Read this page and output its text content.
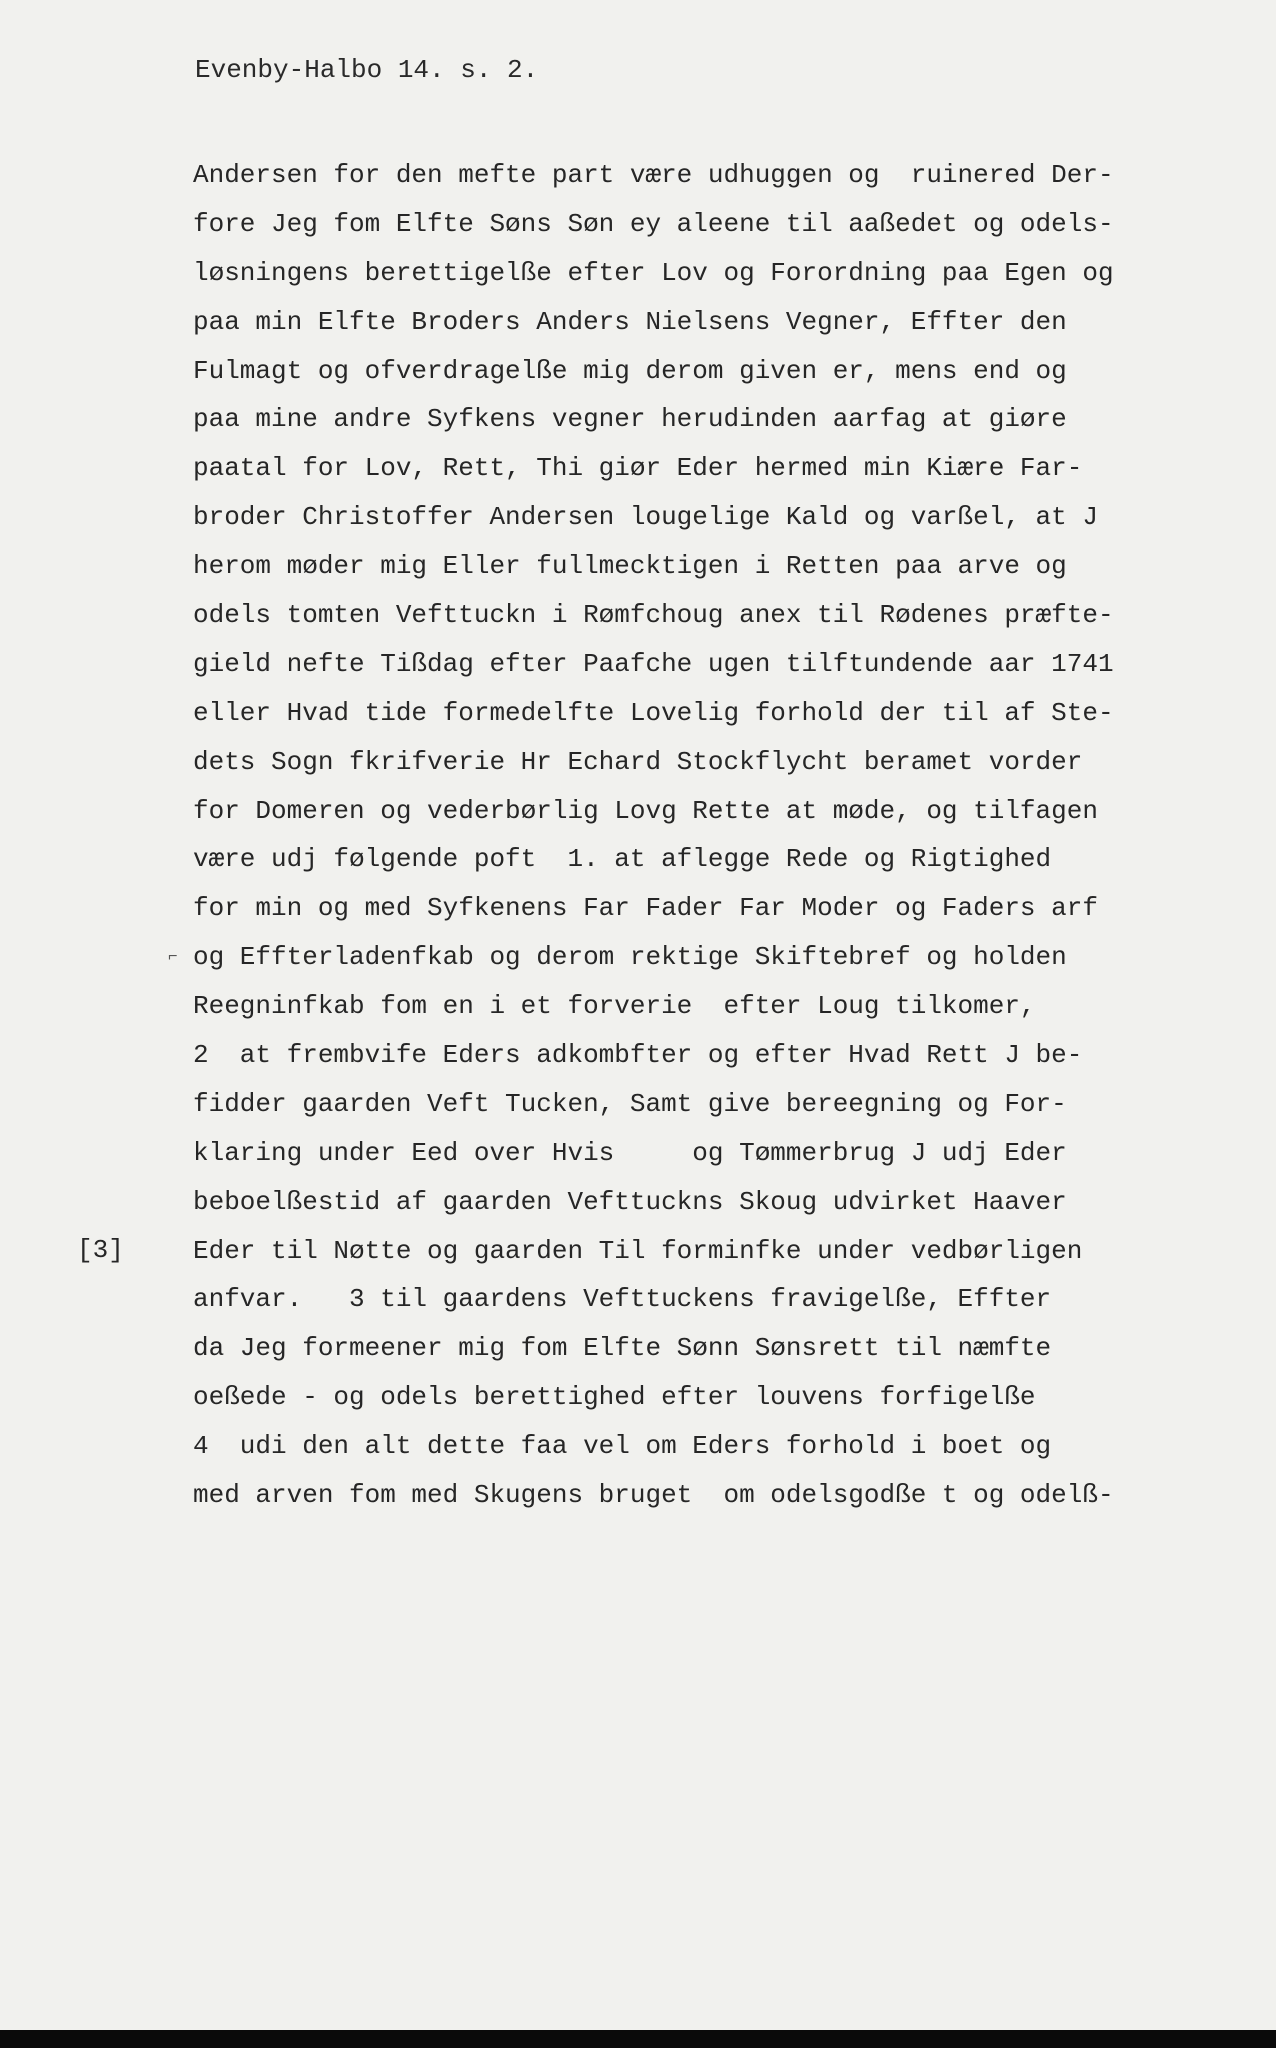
Evenby-Halbo 14. s. 2.
⌐
Andersen for den mefte part være udhuggen og  ruinered Der-
fore Jeg fom Elfte Søns Søn ey aleene til aaßedet og odels-
løsningens berettigelße efter Lov og Forordning paa Egen og
paa min Elfte Broders Anders Nielsens Vegner, Effter den
Fulmagt og ofverdragelße mig derom given er, mens end og
paa mine andre Syfkens vegner herudinden aarfag at giøre
paatal for Lov, Rett, Thi giør Eder hermed min Kiære Far-
broder Christoffer Andersen lougelige Kald og varßel, at J
herom møder mig Eller fullmecktigen i Retten paa arve og
odels tomten Vefttuckn i Rømfchoug anex til Rødenes præfte-
gield nefte Tißdag efter Paafche ugen tilftundende aar 1741
eller Hvad tide formedelfte Lovelig forhold der til af Ste-
dets Sogn fkrifverie Hr Echard Stockflycht beramet vorder
for Domeren og vederbørlig Lovg Rette at møde, og tilfagen
være udj følgende poft  1. at aflegge Rede og Rigtighed
for min og med Syfkenens Far Fader Far Moder og Faders arf
og Effterladenfkab og derom rektige Skiftebref og holden
Reegninfkab fom en i et forverie  efter Loug tilkomer,
2  at frembvife Eders adkombfter og efter Hvad Rett J be-
fidder gaarden Veft Tucken, Samt give bereegning og For-
klaring under Eed over Hvis     og Tømmerbrug J udj Eder
beboelßestid af gaarden Vefttuckns Skoug udvirket Haaver
Eder til Nøtte og gaarden Til forminfke under vedbørligen
anfvar.   3 til gaardens Vefttuckens fravigelße, Effter
da Jeg formeener mig fom Elfte Sønn Sønsrett til næmfte
oeßede - og odels berettighed efter louvens forfigelße
4  udi den alt dette faa vel om Eders forhold i boet og
med arven fom med Skugens bruget  om odelsgodße t og odelß-
[3]
